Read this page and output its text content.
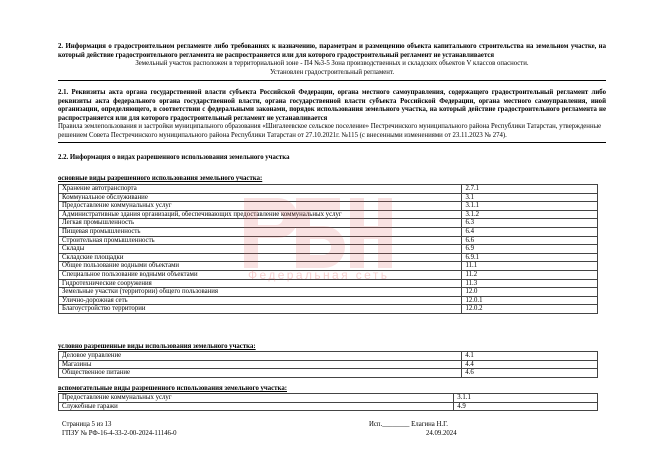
2. Информация о градостроительном регламенте либо требованиях к назначению, параметрам и размещению объекта капитального строительства на земельном участке, на который действие градостроительного регламента не распространяется или для которого градостроительный регламент не устанавливается
Земельный участок расположен в территориальной зоне - П4 №3-5 Зона производственных и складских объектов V классов опасности.
Установлен градостроительный регламент.
2.1. Реквизиты акта органа государственной власти субъекта Российской Федерации, органа местного самоуправления, содержащего градостроительный регламент либо реквизиты акта федерального органа государственной власти, органа государственной власти субъекта Российской Федерации, органа местного самоуправления, иной организации, определяющего, в соответствии с федеральными законами, порядок использования земельного участка, на который действие градостроительного регламента не распространяется или для которого градостроительный регламент не устанавливается
Правила землепользования и застройки муниципального образования «Шигалеевское сельское поселение» Пестречинского муниципального района Республики Татарстан, утвержденные решением Совета Пестречинского муниципального района Республики Татарстан от 27.10.2021г. №115 (с внесенными изменениями от 23.11.2023 № 274).
2.2. Информация о видах разрешенного использования земельного участка
основные виды разрешенного использования земельного участка:
Хранение автотранспорта	2.7.1
Коммунальное обслуживание	3.1
Предоставление коммунальных услуг	3.1.1
Административные здания организаций, обеспечивающих предоставление коммунальных услуг	3.1.2
Легкая промышленность	6.3
Пищевая промышленность	6.4
Строительная промышленность	6.6
Склады	6.9
Складские площадки	6.9.1
Общее пользование водными объектами	11.1
Специальное пользование водными объектами	11.2
Гидротехнические сооружения	11.3
Земельные участки (территории) общего пользования	12.0
Улично-дорожная сеть	12.0.1
Благоустройство территории	12.0.2
условно разрешенные виды использования земельного участка:
Деловое управление	4.1
Магазины	4.4
Общественное питание	4.6
вспомогательные виды разрешенного использования земельного участка:
Предоставление коммунальных услуг	3.1.1
Служебные гаражи	4.9
Федеральная сеть
Страница 5 из 13
ГПЗУ № РФ-16-4-33-2-00-2024-11146-0
Исп.________ Елагина Н.Г.
24.09.2024
